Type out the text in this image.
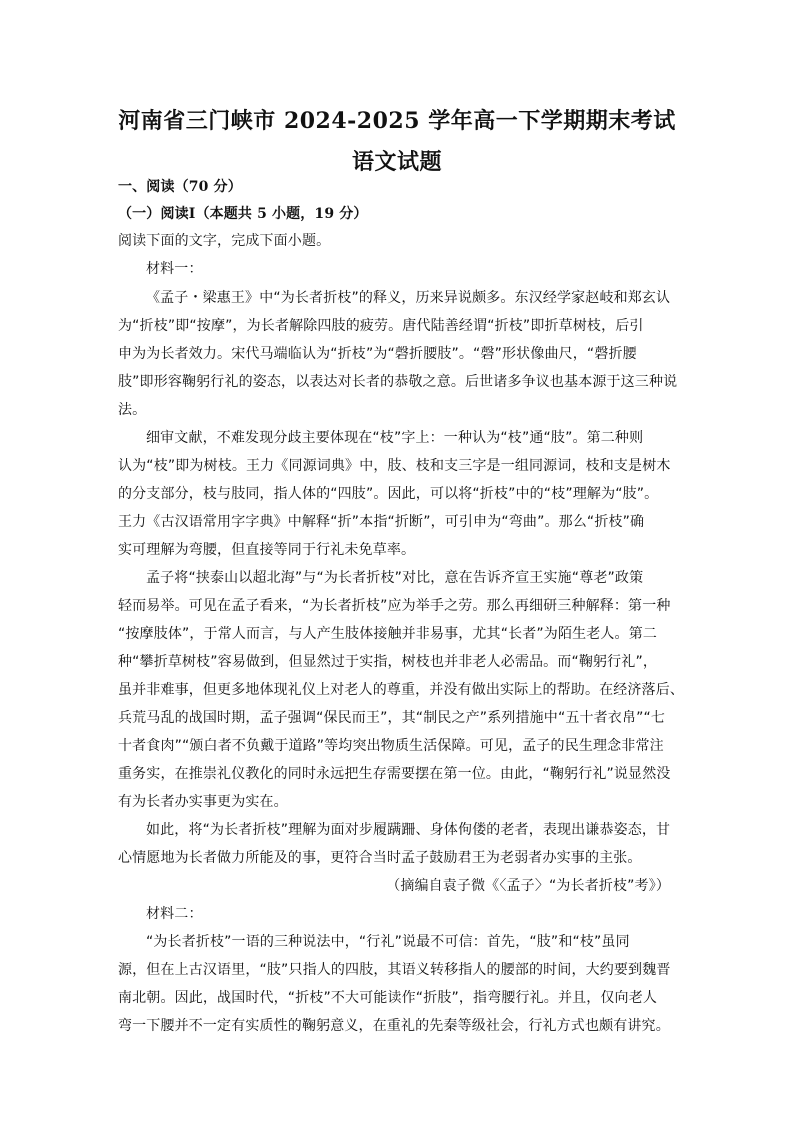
河南省三门峡市 2024-2025 学年高一下学期期末考试
语文试题
一、阅读（70 分）
（一）阅读Ⅰ（本题共 5 小题，19 分）
阅读下面的文字，完成下面小题。
材料一：
《孟子・梁惠王》中“为长者折枝”的释义，历来异说颇多。东汉经学家赵岐和郑玄认
为“折枝”即“按摩”，为长者解除四肢的疲劳。唐代陆善经谓“折枝”即折草树枝，后引
申为为长者效力。宋代马端临认为“折枝”为“磬折腰肢”。“磬”形状像曲尺，“磬折腰
肢”即形容鞠躬行礼的姿态，以表达对长者的恭敬之意。后世诸多争议也基本源于这三种说
法。
细审文献，不难发现分歧主要体现在“枝”字上：一种认为“枝”通“肢”。第二种则
认为“枝”即为树枝。王力《同源词典》中，肢、枝和支三字是一组同源词，枝和支是树木
的分支部分，枝与肢同，指人体的“四肢”。因此，可以将“折枝”中的“枝”理解为“肢”。
王力《古汉语常用字字典》中解释“折”本指“折断”，可引申为“弯曲”。那么“折枝”确
实可理解为弯腰，但直接等同于行礼未免草率。
孟子将“挟泰山以超北海”与“为长者折枝”对比，意在告诉齐宣王实施“尊老”政策
轻而易举。可见在孟子看来，“为长者折枝”应为举手之劳。那么再细研三种解释：第一种
“按摩肢体”，于常人而言，与人产生肢体接触并非易事，尤其“长者”为陌生老人。第二
种“攀折草树枝”容易做到，但显然过于实指，树枝也并非老人必需品。而“鞠躬行礼”，
虽并非难事，但更多地体现礼仪上对老人的尊重，并没有做出实际上的帮助。在经济落后、
兵荒马乱的战国时期，孟子强调“保民而王”，其“制民之产”系列措施中“五十者衣帛”“七
十者食肉”“颁白者不负戴于道路”等均突出物质生活保障。可见，孟子的民生理念非常注
重务实，在推崇礼仪教化的同时永远把生存需要摆在第一位。由此，“鞠躬行礼”说显然没
有为长者办实事更为实在。
如此，将“为长者折枝”理解为面对步履蹒跚、身体佝偻的老者，表现出谦恭姿态，甘
心情愿地为长者做力所能及的事，更符合当时孟子鼓励君王为老弱者办实事的主张。
（摘编自袁子微《〈孟子〉“为长者折枝”考》）
材料二：
“为长者折枝”一语的三种说法中，“行礼”说最不可信：首先，“肢”和“枝”虽同
源，但在上古汉语里，“肢”只指人的四肢，其语义转移指人的腰部的时间，大约要到魏晋
南北朝。因此，战国时代，“折枝”不大可能读作“折肢”，指弯腰行礼。并且，仅向老人
弯一下腰并不一定有实质性的鞠躬意义，在重礼的先秦等级社会，行礼方式也颇有讲究。
